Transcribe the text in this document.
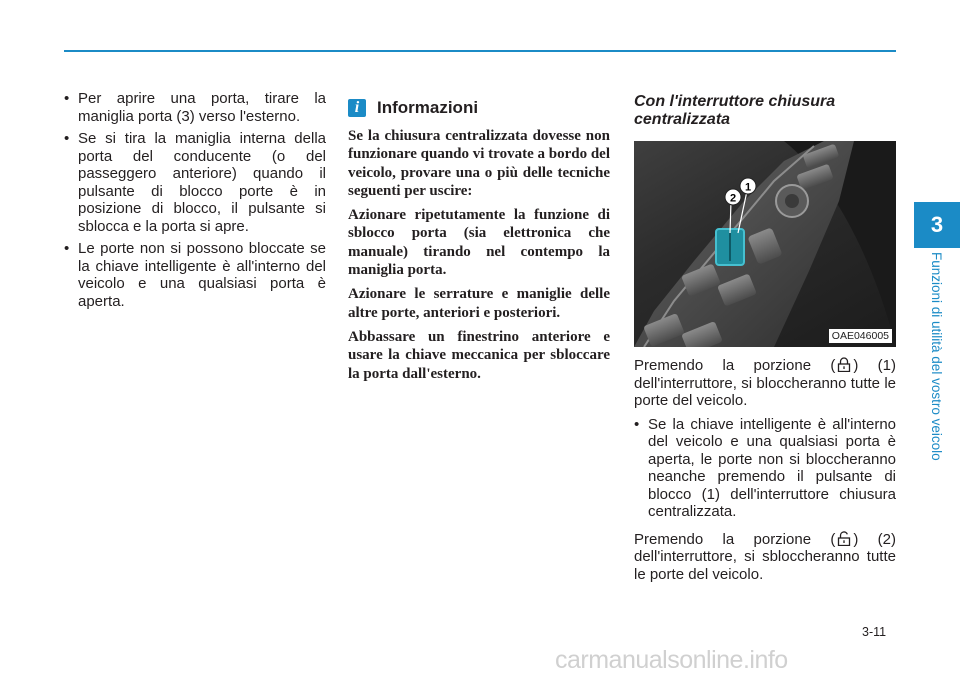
3
Funzioni di utilità del vostro veicolo
• Per aprire una porta, tirare la maniglia porta (3) verso l'esterno.
• Se si tira la maniglia interna della porta del conducente (o del passeggero anteriore) quando il pulsante di blocco porte è in posizione di blocco, il pulsante si sblocca e la porta si apre.
• Le porte non si possono bloccate se la chiave intelligente è all'interno del veicolo e una qualsiasi porta è aperta.
i	Informazioni

Se la chiusura centralizzata dovesse non funzionare quando vi trovate a bordo del veicolo, provare una o più delle tecniche seguenti per uscire:

Azionare ripetutamente la funzione di sblocco porta (sia elettronica che manuale) tirando nel contempo la maniglia porta.

Azionare le serrature e maniglie delle altre porte, anteriori e posteriori.

Abbassare un finestrino anteriore e usare la chiave meccanica per sbloccare la porta dall'esterno.

Con l'interruttore chiusura centralizzata

2
1
OAE046005

Premendo la porzione ( ) (1) dell'interruttore, si bloccheranno tutte le porte del veicolo.

• Se la chiave intelligente è all'interno del veicolo e una qualsiasi porta è aperta, le porte non si bloccheranno neanche premendo il pulsante di blocco (1) dell'interruttore chiusura centralizzata.

Premendo la porzione ( ) (2) dell'interruttore, si sbloccheranno tutte le porte del veicolo.

3-11
carmanualsonline.info
